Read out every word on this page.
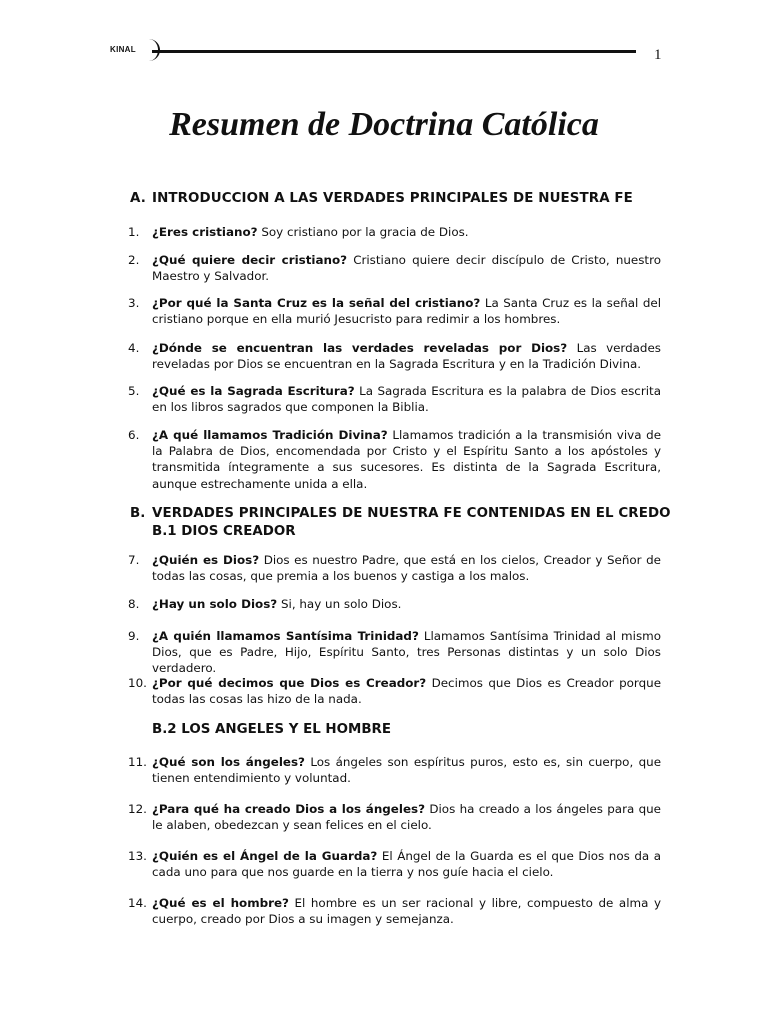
KINAL	1
Resumen de Doctrina Católica
A. INTRODUCCION A LAS VERDADES PRINCIPALES DE NUESTRA FE
1. ¿Eres cristiano? Soy cristiano por la gracia de Dios.
2. ¿Qué quiere decir cristiano? Cristiano quiere decir discípulo de Cristo, nuestro Maestro y Salvador.
3. ¿Por qué la Santa Cruz es la señal del cristiano? La Santa Cruz es la señal del cristiano porque en ella murió Jesucristo para redimir a los hombres.
4. ¿Dónde se encuentran las verdades reveladas por Dios? Las verdades reveladas por Dios se encuentran en la Sagrada Escritura y en la Tradición Divina.
5. ¿Qué es la Sagrada Escritura? La Sagrada Escritura es la palabra de Dios escrita en los libros sagrados que componen la Biblia.
6. ¿A qué llamamos Tradición Divina? Llamamos tradición a la transmisión viva de la Palabra de Dios, encomendada por Cristo y el Espíritu Santo a los apóstoles y transmitida íntegramente a sus sucesores. Es distinta de la Sagrada Escritura, aunque estrechamente unida a ella.
B. VERDADES PRINCIPALES DE NUESTRA FE CONTENIDAS EN EL CREDO
B.1 DIOS CREADOR
7. ¿Quién es Dios? Dios es nuestro Padre, que está en los cielos, Creador y Señor de todas las cosas, que premia a los buenos y castiga a los malos.
8. ¿Hay un solo Dios? Si, hay un solo Dios.
9. ¿A quién llamamos Santísima Trinidad? Llamamos Santísima Trinidad al mismo Dios, que es Padre, Hijo, Espíritu Santo, tres Personas distintas y un solo Dios verdadero.
10. ¿Por qué decimos que Dios es Creador? Decimos que Dios es Creador porque todas las cosas las hizo de la nada.
B.2 LOS ANGELES Y EL HOMBRE
11. ¿Qué son los ángeles? Los ángeles son espíritus puros, esto es, sin cuerpo, que tienen entendimiento y voluntad.
12. ¿Para qué ha creado Dios a los ángeles? Dios ha creado a los ángeles para que le alaben, obedezcan y sean felices en el cielo.
13. ¿Quién es el Ángel de la Guarda? El Ángel de la Guarda es el que Dios nos da a cada uno para que nos guarde en la tierra y nos guíe hacia el cielo.
14. ¿Qué es el hombre? El hombre es un ser racional y libre, compuesto de alma y cuerpo, creado por Dios a su imagen y semejanza.
